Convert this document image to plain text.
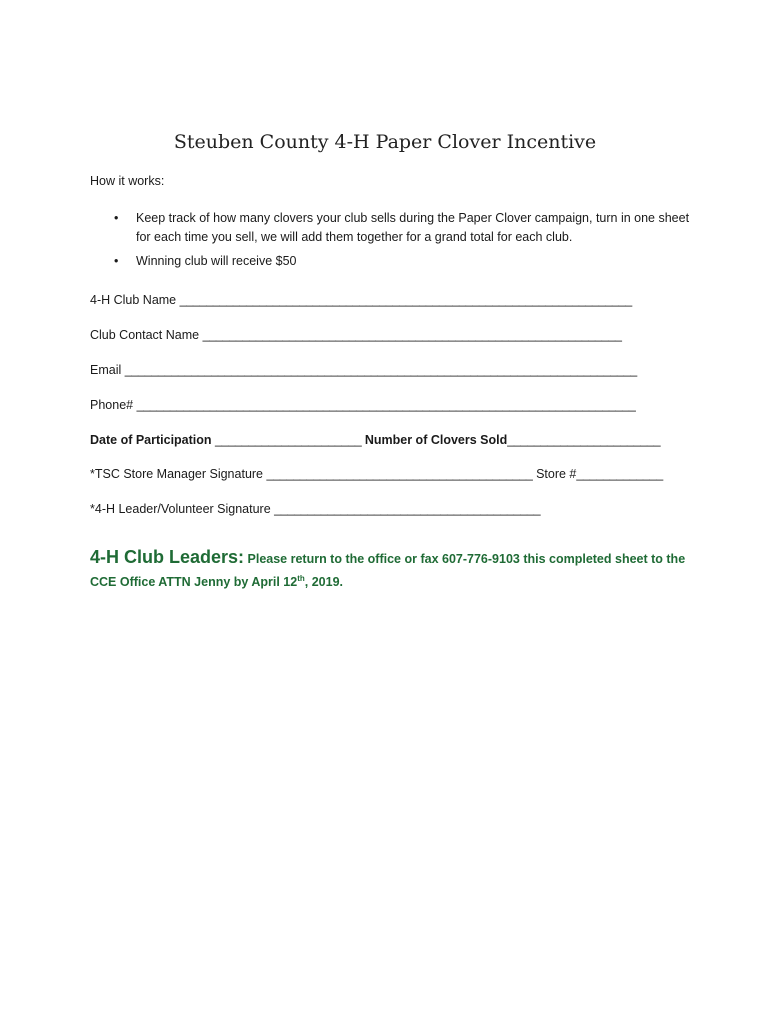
Steuben County 4-H Paper Clover Incentive
How it works:
• Keep track of how many clovers your club sells during the Paper Clover campaign, turn in one sheet for each time you sell, we will add them together for a grand total for each club.
• Winning club will receive $50
4-H Club Name ____________________________________________________________________
Club Contact Name _______________________________________________________________
Email _____________________________________________________________________________
Phone# ___________________________________________________________________________
Date of Participation ______________________ Number of Clovers Sold_______________________
*TSC Store Manager Signature ________________________________________ Store #_____________
*4-H Leader/Volunteer Signature ________________________________________
4-H Club Leaders: Please return to the office or fax 607-776-9103 this completed sheet to the CCE Office ATTN Jenny by April 12th, 2019.
